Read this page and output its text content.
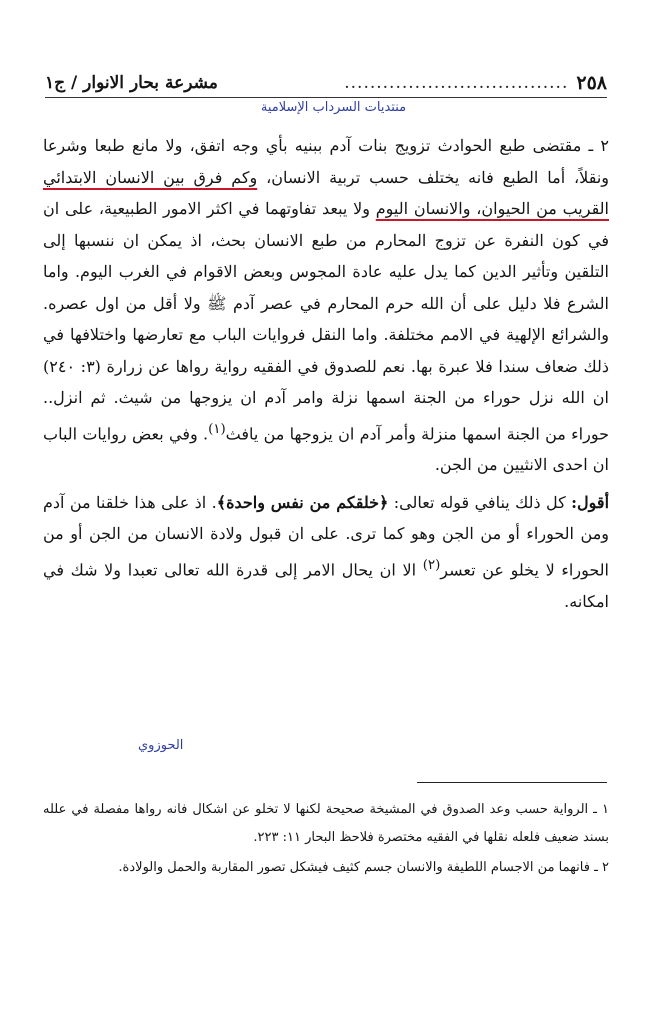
٢٥٨
...................................
مشرعة بحار الانوار / ج١
منتديات السرداب الإسلامية

٢ ـ مقتضى طبع الحوادث تزويج بنات آدم ببنيه بأي وجه اتفق، ولا مانع طبعا وشرعا ونقلاً، أما الطبع فانه يختلف حسب تربية الانسان، وكم فرق بين الانسان الابتدائي القريب من الحيوان، والانسان اليوم ولا يبعد تفاوتهما في اكثر الامور الطبيعية، على ان في كون النفرة عن تزوج المحارم من طبع الانسان بحث، اذ يمكن ان ننسبها إلى التلقين وتأثير الدين كما يدل عليه عادة المجوس وبعض الاقوام في الغرب اليوم. واما الشرع فلا دليل على أن الله حرم المحارم في عصر آدم ﷺ ولا أقل من اول عصره. والشرائع الإلهية في الامم مختلفة. واما النقل فروايات الباب مع تعارضها واختلافها في ذلك ضعاف سندا فلا عبرة بها. نعم للصدوق في الفقيه رواية رواها عن زرارة (٣: ٢٤٠) ان الله نزل حوراء من الجنة اسمها نزلة وامر آدم ان يزوجها من شيث. ثم انزل.. حوراء من الجنة اسمها منزلة وأمر آدم ان يزوجها من يافث$^{(١)}$. وفي بعض روايات الباب ان احدى الانثيين من الجن.

أقول: كل ذلك ينافي قوله تعالى: ﴿خلقكم من نفس واحدة﴾. اذ على هذا خلقنا من آدم ومن الحوراء أو من الجن وهو كما ترى. على ان قبول ولادة الانسان من الجن أو من الحوراء لا يخلو عن تعسر$^{(٢)}$ الا ان يحال الامر إلى قدرة الله تعالى تعبدا ولا شك في امكانه.

الحوزوي

١ ـ الرواية حسب وعد الصدوق في المشيخة صحيحة لكنها لا تخلو عن اشكال فانه رواها مفصلة في علله بسند ضعيف فلعله نقلها في الفقيه مختصرة فلاحظ البحار ١١: ٢٢٣.

٢ ـ فانهما من الاجسام اللطيفة والانسان جسم كثيف فيشكل تصور المقاربة والحمل والولادة.
